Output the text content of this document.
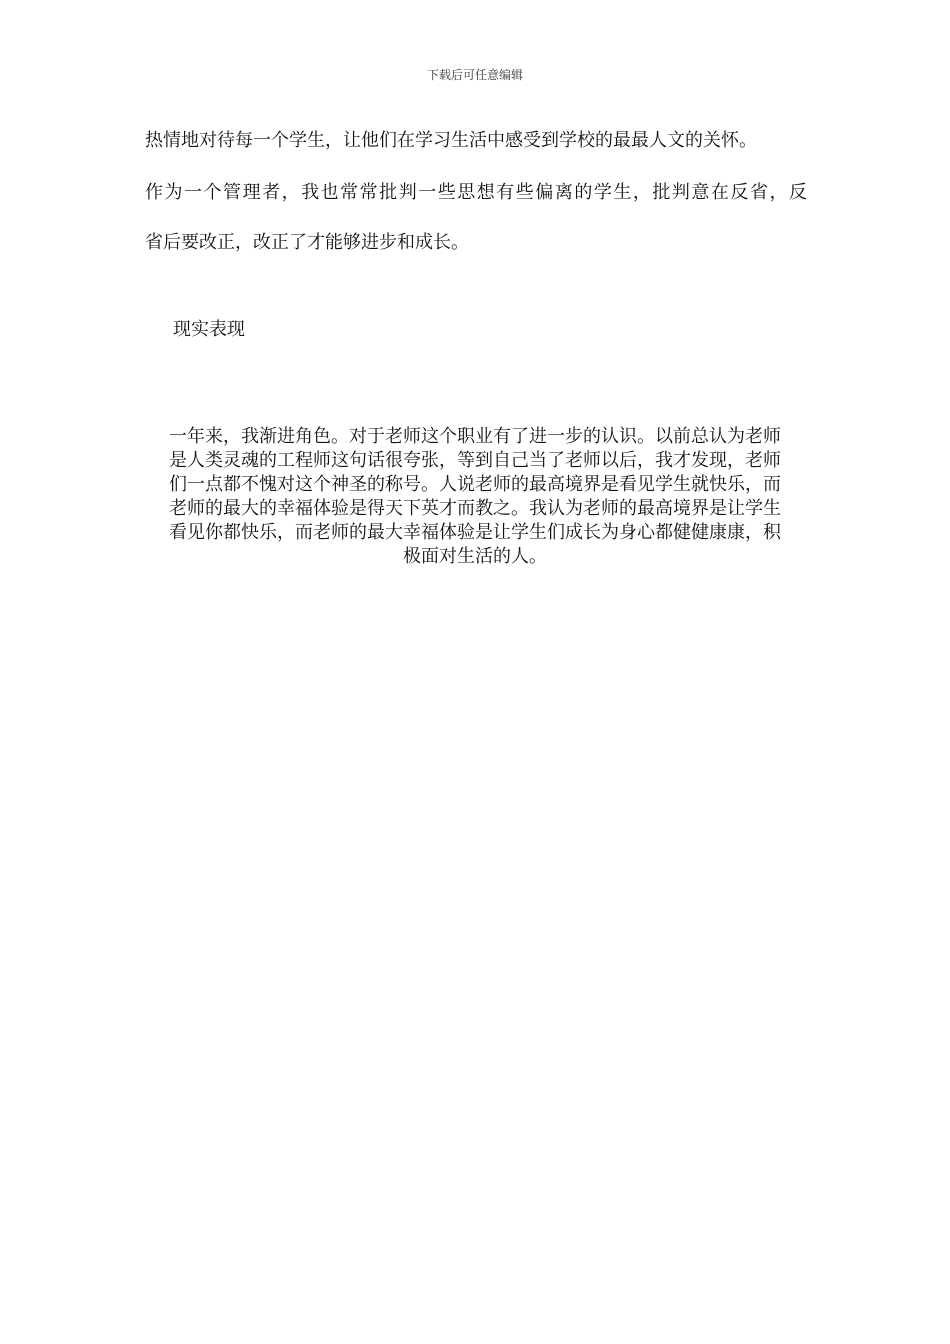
下载后可任意编辑
热情地对待每一个学生，让他们在学习生活中感受到学校的最最人文的关怀。
作为一个管理者，我也常常批判一些思想有些偏离的学生，批判意在反省，反
省后要改正，改正了才能够进步和成长。
现实表现
一年来，我渐进角色。对于老师这个职业有了进一步的认识。以前总认为老师
是人类灵魂的工程师这句话很夸张，等到自己当了老师以后，我才发现，老师
们一点都不愧对这个神圣的称号。人说老师的最高境界是看见学生就快乐，而
老师的最大的幸福体验是得天下英才而教之。我认为老师的最高境界是让学生
看见你都快乐，而老师的最大幸福体验是让学生们成长为身心都健健康康，积
极面对生活的人。
